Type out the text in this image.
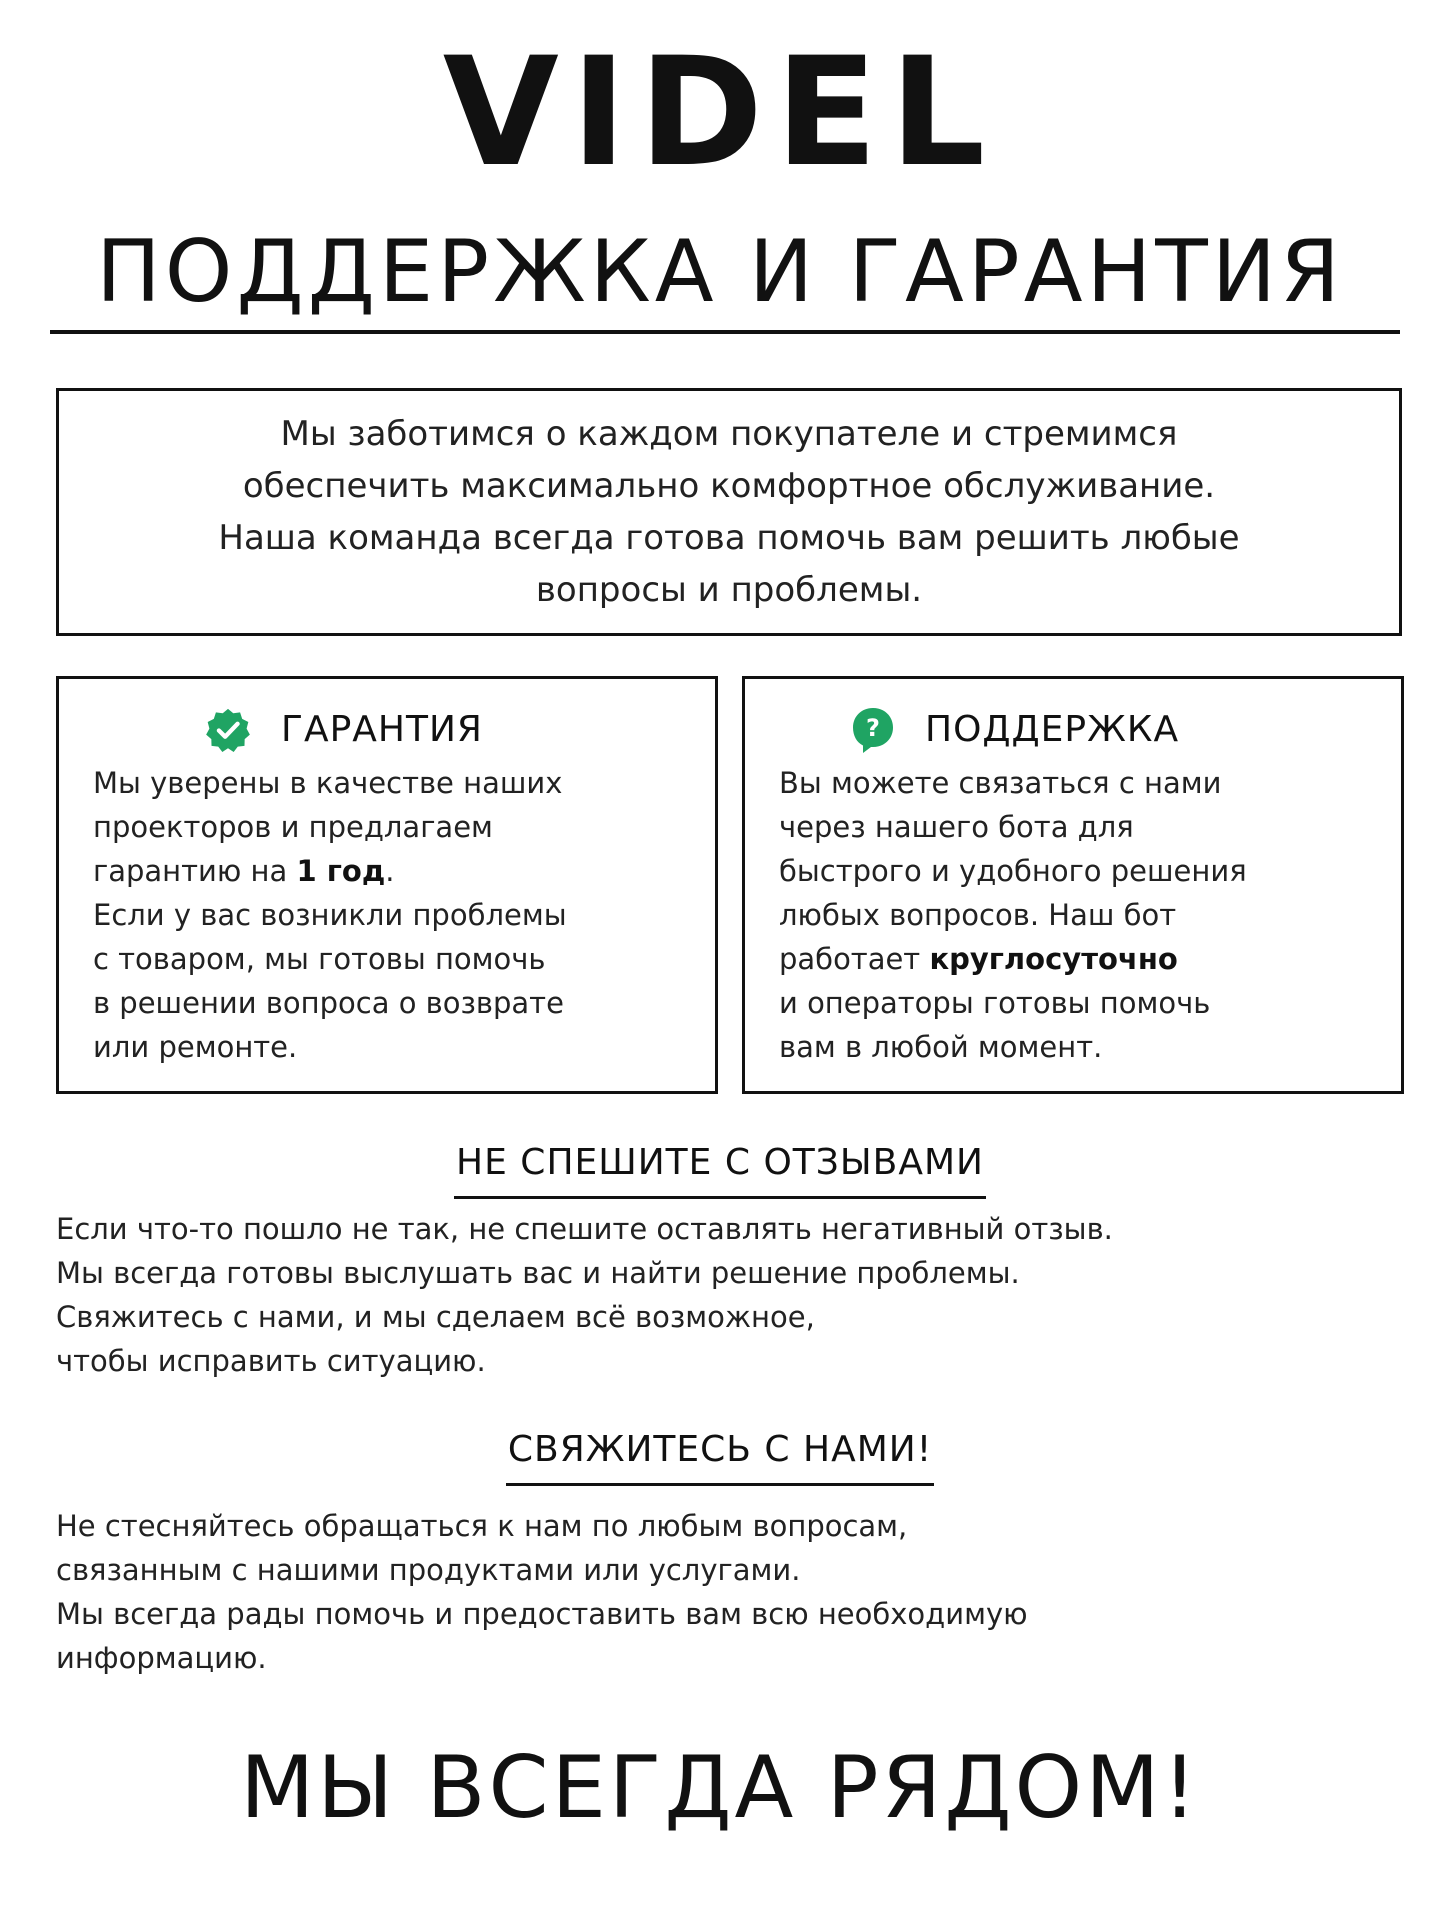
VIDEL
ПОДДЕРЖКА И ГАРАНТИЯ
Мы заботимся о каждом покупателе и стремимся
обеспечить максимально комфортное обслуживание.
Наша команда всегда готова помочь вам решить любые
вопросы и проблемы.
ГАРАНТИЯ
Мы уверены в качестве наших
проекторов и предлагаем
гарантию на 1 год.
Если у вас возникли проблемы
с товаром, мы готовы помочь
в решении вопроса о возврате
или ремонте.
? ПОДДЕРЖКА
Вы можете связаться с нами
через нашего бота для
быстрого и удобного решения
любых вопросов. Наш бот
работает круглосуточно
и операторы готовы помочь
вам в любой момент.
НЕ СПЕШИТЕ С ОТЗЫВАМИ
Если что-то пошло не так, не спешите оставлять негативный отзыв.
Мы всегда готовы выслушать вас и найти решение проблемы.
Свяжитесь с нами, и мы сделаем всё возможное,
чтобы исправить ситуацию.
СВЯЖИТЕСЬ С НАМИ!
Не стесняйтесь обращаться к нам по любым вопросам,
связанным с нашими продуктами или услугами.
Мы всегда рады помочь и предоставить вам всю необходимую
информацию.
МЫ ВСЕГДА РЯДОМ!
